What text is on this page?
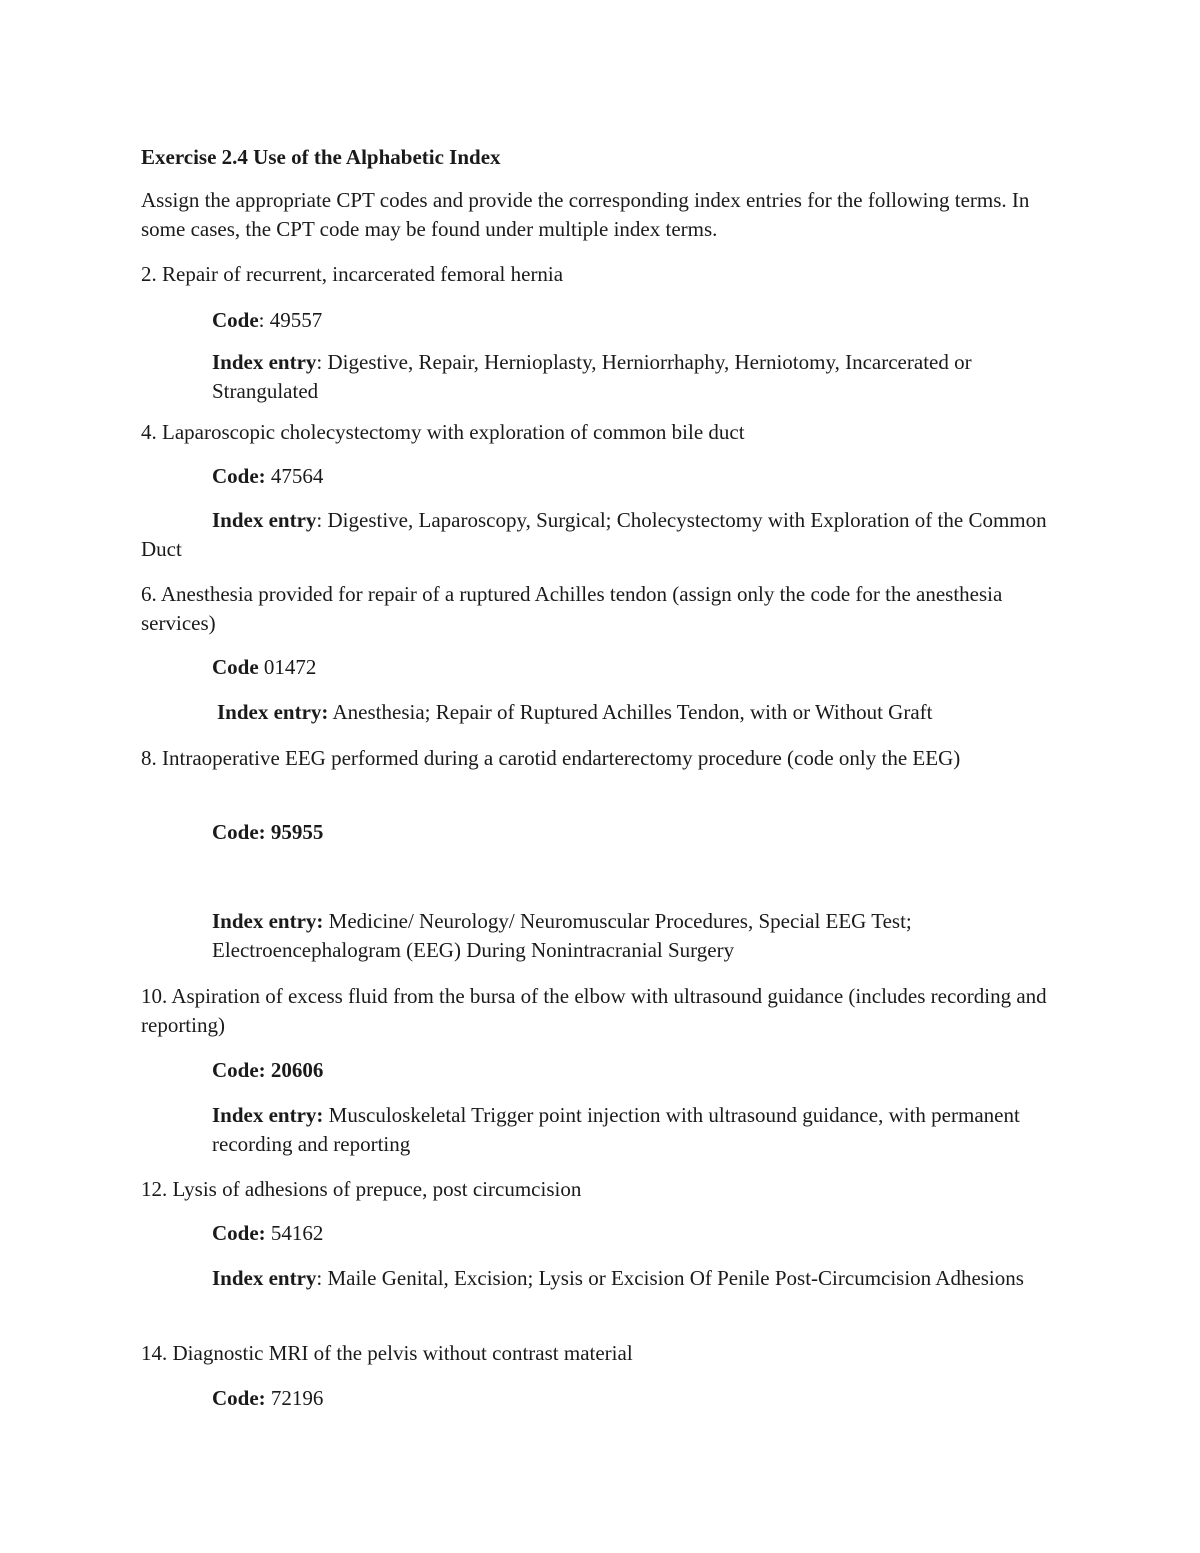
Exercise 2.4 Use of the Alphabetic Index

Assign the appropriate CPT codes and provide the corresponding index entries for the following terms. In some cases, the CPT code may be found under multiple index terms.

2. Repair of recurrent, incarcerated femoral hernia

Code: 49557

Index entry: Digestive, Repair, Hernioplasty, Herniorrhaphy, Herniotomy, Incarcerated or Strangulated

4. Laparoscopic cholecystectomy with exploration of common bile duct

Code: 47564

Index entry: Digestive, Laparoscopy, Surgical; Cholecystectomy with Exploration of the Common Duct

6. Anesthesia provided for repair of a ruptured Achilles tendon (assign only the code for the anesthesia services)

Code 01472

Index entry: Anesthesia; Repair of Ruptured Achilles Tendon, with or Without Graft

8. Intraoperative EEG performed during a carotid endarterectomy procedure (code only the EEG)

Code: 95955

Index entry: Medicine/ Neurology/ Neuromuscular Procedures, Special EEG Test; Electroencephalogram (EEG) During Nonintracranial Surgery

10. Aspiration of excess fluid from the bursa of the elbow with ultrasound guidance (includes recording and reporting)

Code: 20606

Index entry: Musculoskeletal Trigger point injection with ultrasound guidance, with permanent recording and reporting

12. Lysis of adhesions of prepuce, post circumcision

Code: 54162

Index entry: Maile Genital, Excision; Lysis or Excision Of Penile Post-Circumcision Adhesions

14. Diagnostic MRI of the pelvis without contrast material

Code: 72196
